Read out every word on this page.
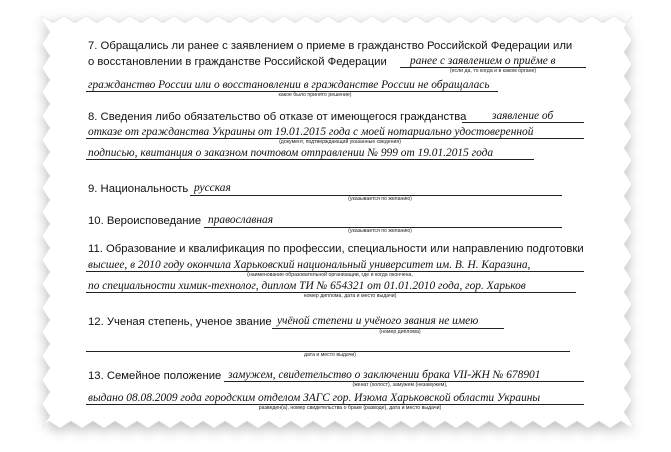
7. Обращались ли ранее с заявлением о приеме в гражданство Российской Федерации или
о восстановлении в гражданстве Российской Федерации ранее с заявлением о приёме в
(если да, то когда и в каком органе)
гражданство России или о восстановлении в гражданстве России не обращалась
какое было принято решение)
8. Сведения либо обязательство об отказе от имеющегося гражданства заявление об
отказе от гражданства Украины от 19.01.2015 года с моей нотариально удостоверенной
(документ, подтверждающий указанные сведения)
подписью, квитанция о заказном почтовом отправлении № 999 от 19.01.2015 года
9. Национальность русская
(указывается по желанию)
10. Вероисповедание православная
(указывается по желанию)
11. Образование и квалификация по профессии, специальности или направлению подготовки
высшее, в 2010 году окончила Харьковский национальный университет им. В. Н. Каразина,
(наименование образовательной организации, где и когда окончена,
по специальности химик-технолог, диплом ТИ № 654321 от 01.01.2010 года, гор. Харьков
номер диплома, дата и место выдачи)
12. Ученая степень, ученое звание учёной степени и учёного звания не имею
(номер диплома)
дата и место выдачи)
13. Семейное положение замужем, свидетельство о заключении брака VII-ЖН № 678901
(женат (холост), замужем (незамужем),
выдано 08.08.2009 года городским отделом ЗАГС гор. Изюма Харьковской области Украины
разведен(а), номер свидетельства о браке (разводе), дата и место выдачи)
